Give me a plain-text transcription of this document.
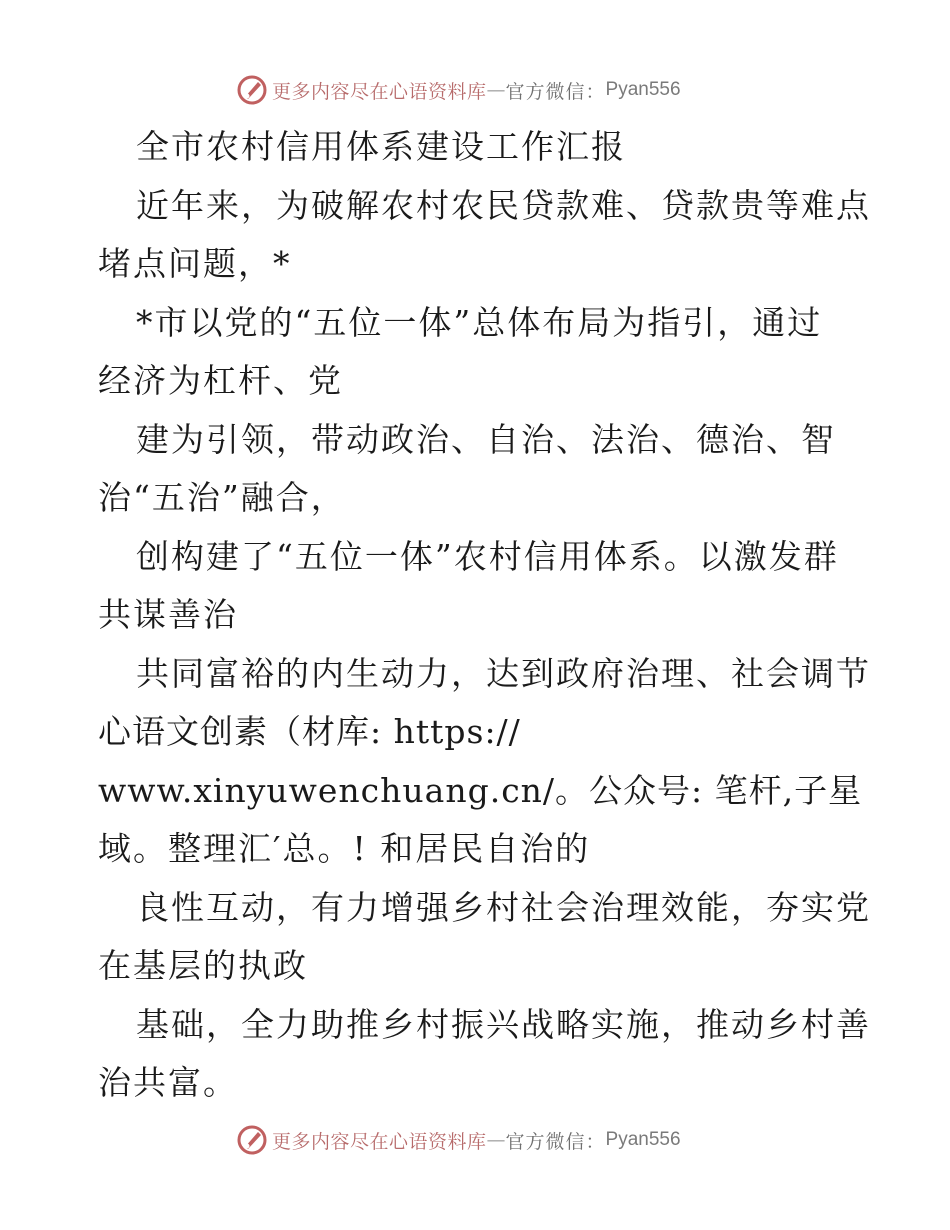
更多内容尽在心语资料库 — 官方微信： Pyan556
全市农村信用体系建设工作汇报
近年来，为破解农村农民贷款难、贷款贵等难点
堵点问题，*
*市以党的“五位一体”总体布局为指引，通过
经济为杠杆、党
建为引领，带动政治、自治、法治、德治、智
治“五治”融合，
创构建了“五位一体”农村信用体系。以激发群
共谋善治
共同富裕的内生动力，达到政府治理、社会调节
心语文创素（材库: https://
www.xinyuwenchuang.cn/。公众号: 笔杆,子星
域。整理汇′总。! 和居民自治的
良性互动，有力增强乡村社会治理效能，夯实党
在基层的执政
基础，全力助推乡村振兴战略实施，推动乡村善
治共富。
更多内容尽在心语资料库 — 官方微信： Pyan556
